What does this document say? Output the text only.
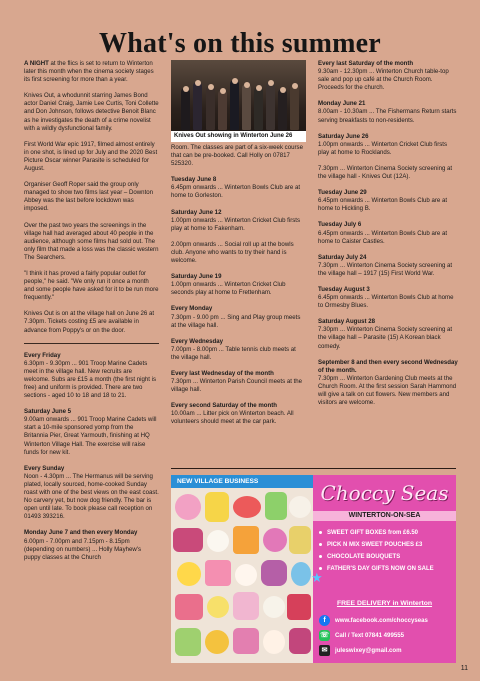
What's on this summer

A NIGHT at the flics is set to return to Winterton later this month when the cinema society stages its first screening for more than a year.

Knives Out, a whodunnit starring James Bond actor Daniel Craig, Jamie Lee Curtis, Toni Collette and Don Johnson, follows detective Benoit Blanc as he investigates the death of a crime novelist with a wildly dysfunctional family.

First World War epic 1917, filmed almost entirely in one shot, is lined up for July and the 2020 Best Picture Oscar winner Parasite is scheduled for August.

Organiser Geoff Roper said the group only managed to show two films last year – Downton Abbey was the last before lockdown was imposed.

Over the past two years the screenings in the village hall had averaged about 40 people in the audience, although some films had sold out. The only film that made a loss was the classic western The Searchers.

"I think it has proved a fairly popular outlet for people," he said. "We only run it once a month and some people have asked for it to be run more frequently."

Knives Out is on at the village hall on June 26 at 7.30pm. Tickets costing £5 are available in advance from Poppy's or on the door.

Every Friday
6.30pm - 9.30pm ... 901 Troop Marine Cadets meet in the village hall. New recruits are welcome. Subs are £15 a month (the first night is free) and uniform is provided. There are two sections - aged 10 to 18 and 18 to 21.

Saturday June 5
9.00am onwards ... 901 Troop Marine Cadets will start a 10-mile sponsored yomp from the Britannia Pier, Great Yarmouth, finishing at HQ Winterton Village Hall. The exercise will raise funds for new kit.

Every Sunday
Noon - 4.30pm ... The Hermanus will be serving plated, locally sourced, home-cooked Sunday roast with one of the best views on the east coast. No carvery yet, but now dog friendly. The bar is open until late. To book please call reception on 01493 393216.

Monday June 7 and then every Monday
6.00pm - 7.00pm and 7.15pm - 8.15pm (depending on numbers) ... Holly Mayhew's puppy classes at the Church

Knives Out showing in Winterton June 26

Room. The classes are part of a six-week course that can be pre-booked. Call Holly on 07817 525320.

Tuesday June 8
6.45pm onwards ... Winterton Bowls Club are at home to Gorleston.

Saturday June 12
1.00pm onwards ... Winterton Cricket Club firsts play at home to Fakenham.

2.00pm onwards ... Social roll up at the bowls club. Anyone who wants to try their hand is welcome.

Saturday June 19
1.00pm onwards ... Winterton Cricket Club seconds play at home to Frettenham.

Every Monday
7.30pm - 9.00 pm ... Sing and Play group meets at the village hall.

Every Wednesday
7.00pm - 8.00pm ... Table tennis club meets at the village hall.

Every last Wednesday of the month
7.30pm ... Winterton Parish Council meets at the village hall.

Every second Saturday of the month
10.00am ... Litter pick on Winterton beach. All volunteers should meet at the car park.

Every last Saturday of the month
9.30am - 12.30pm ... Winterton Church table-top sale and pop up café at the Church Room. Proceeds for the church.

Monday June 21
8.00am - 10.30am ... The Fishermans Return starts serving breakfasts to non-residents.

Saturday June 26
1.00pm onwards ... Winterton Cricket Club firsts play at home to Rocklands.

7.30pm ... Winterton Cinema Society screening at the village hall - Knives Out (12A).

Tuesday June 29
6.45pm onwards ... Winterton Bowls Club are at home to Hickling B.

Tuesday July 6
6.45pm onwards ... Winterton Bowls Club are at home to Caister Castles.

Saturday July 24
7.30pm ... Winterton Cinema Society screening at the village hall – 1917 (15) First World War.

Tuesday August 3
6.45pm onwards ... Winterton Bowls Club at home to Ormesby Blues.

Saturday August 28
7.30pm ... Winterton Cinema Society screening at the village hall – Parasite (15) A Korean black comedy.

September 8 and then every second Wednesday of the month.
7.30pm ... Winterton Gardening Club meets at the Church Room. At the first session Sarah Hammond will give a talk on cut flowers. New members and visitors are welcome.

NEW VILLAGE BUSINESS	Choccy Seas
WINTERTON-ON-SEA
SWEET GIFT BOXES from £6.50
PICK N MIX SWEET POUCHES £3
CHOCOLATE BOUQUETS
FATHER'S DAY GIFTS NOW ON SALE
FREE DELIVERY in Winterton
f	www.facebook.com/choccyseas
☏ Call / Text 07841 499555
✉	juleswixey@gmail.com
★
11
